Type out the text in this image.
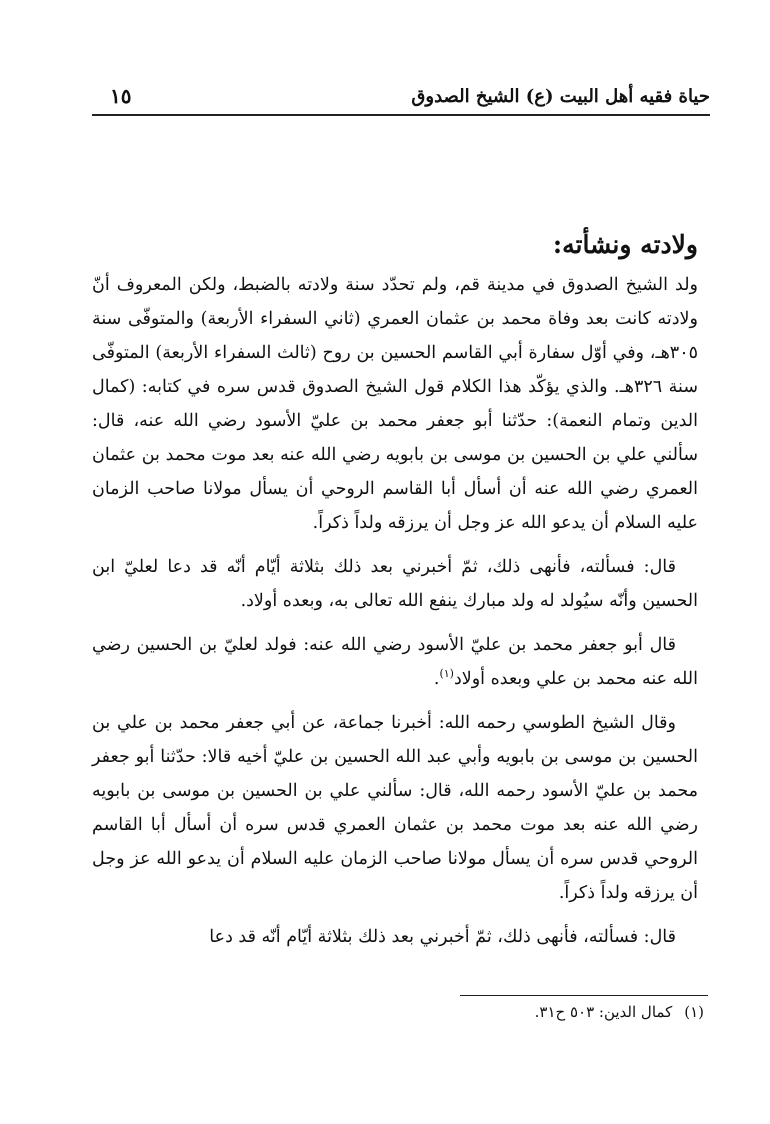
حياة فقيه أهل البيت (ع) الشيخ الصدوق
١٥
ولادته ونشأته:

ولد الشيخ الصدوق في مدينة قم، ولم تحدّد سنة ولادته بالضبط، ولكن المعروف أنّ ولادته كانت بعد وفاة محمد بن عثمان العمري (ثاني السفراء الأربعة) والمتوفّى سنة ٣٠٥هـ، وفي أوّل سفارة أبي القاسم الحسين بن روح (ثالث السفراء الأربعة) المتوفّى سنة ٣٢٦هـ. والذي يؤكّد هذا الكلام قول الشيخ الصدوق قدس سره في كتابه: (كمال الدين وتمام النعمة): حدّثنا أبو جعفر محمد بن عليّ الأسود رضي الله عنه، قال: سألني علي بن الحسين بن موسى بن بابويه رضي الله عنه بعد موت محمد بن عثمان العمري رضي الله عنه أن أسأل أبا القاسم الروحي أن يسأل مولانا صاحب الزمان عليه السلام أن يدعو الله عز وجل أن يرزقه ولداً ذكراً.

قال: فسألته، فأنهى ذلك، ثمّ أخبرني بعد ذلك بثلاثة أيّام أنّه قد دعا لعليّ ابن الحسين وأنّه سيُولد له ولد مبارك ينفع الله تعالى به، وبعده أولاد.

قال أبو جعفر محمد بن عليّ الأسود رضي الله عنه: فولد لعليّ بن الحسين رضي الله عنه محمد بن علي وبعده أولاد$^{(١)}$.

وقال الشيخ الطوسي رحمه الله: أخبرنا جماعة، عن أبي جعفر محمد بن علي بن الحسين بن موسى بن بابويه وأبي عبد الله الحسين بن عليّ أخيه قالا: حدّثنا أبو جعفر محمد بن عليّ الأسود رحمه الله، قال: سألني علي بن الحسين بن موسى بن بابويه رضي الله عنه بعد موت محمد بن عثمان العمري قدس سره أن أسأل أبا القاسم الروحي قدس سره أن يسأل مولانا صاحب الزمان عليه السلام أن يدعو الله عز وجل أن يرزقه ولداً ذكراً.

قال: فسألته، فأنهى ذلك، ثمّ أخبرني بعد ذلك بثلاثة أيّام أنّه قد دعا

(١)كمال الدين: ٥٠٣ ح٣١.
